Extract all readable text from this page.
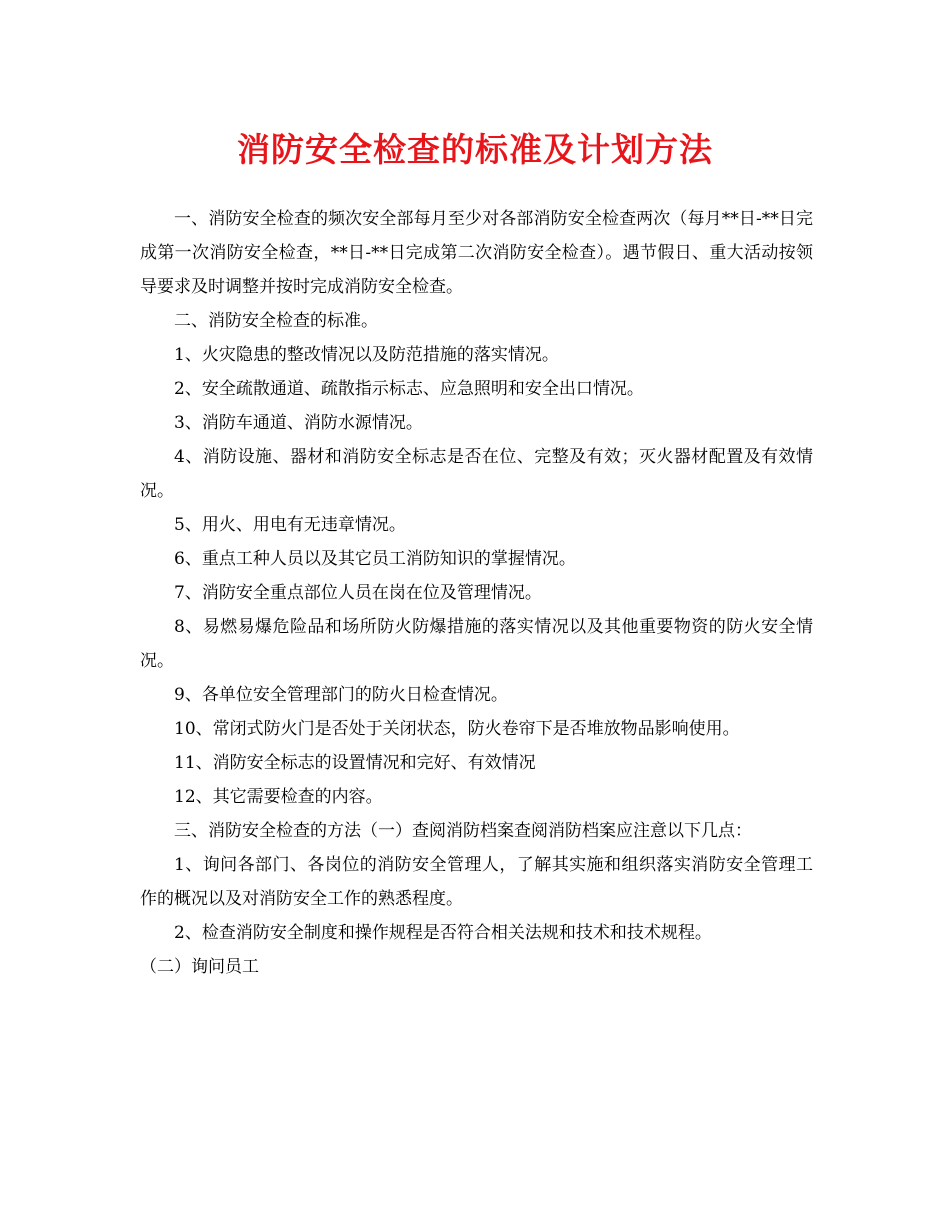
消防安全检查的标准及计划方法

一、消防安全检查的频次安全部每月至少对各部消防安全检查两次（每月**日-**日完成第一次消防安全检查，**日-**日完成第二次消防安全检查）。遇节假日、重大活动按领导要求及时调整并按时完成消防安全检查。

二、消防安全检查的标准。

1、火灾隐患的整改情况以及防范措施的落实情况。

2、安全疏散通道、疏散指示标志、应急照明和安全出口情况。

3、消防车通道、消防水源情况。

4、消防设施、器材和消防安全标志是否在位、完整及有效；灭火器材配置及有效情况。

5、用火、用电有无违章情况。

6、重点工种人员以及其它员工消防知识的掌握情况。

7、消防安全重点部位人员在岗在位及管理情况。

8、易燃易爆危险品和场所防火防爆措施的落实情况以及其他重要物资的防火安全情况。

9、各单位安全管理部门的防火日检查情况。

10、常闭式防火门是否处于关闭状态，防火卷帘下是否堆放物品影响使用。

11、消防安全标志的设置情况和完好、有效情况

12、其它需要检查的内容。

三、消防安全检查的方法（一）查阅消防档案查阅消防档案应注意以下几点：

1、询问各部门、各岗位的消防安全管理人，了解其实施和组织落实消防安全管理工作的概况以及对消防安全工作的熟悉程度。

2、检查消防安全制度和操作规程是否符合相关法规和技术和技术规程。

（二）询问员工
